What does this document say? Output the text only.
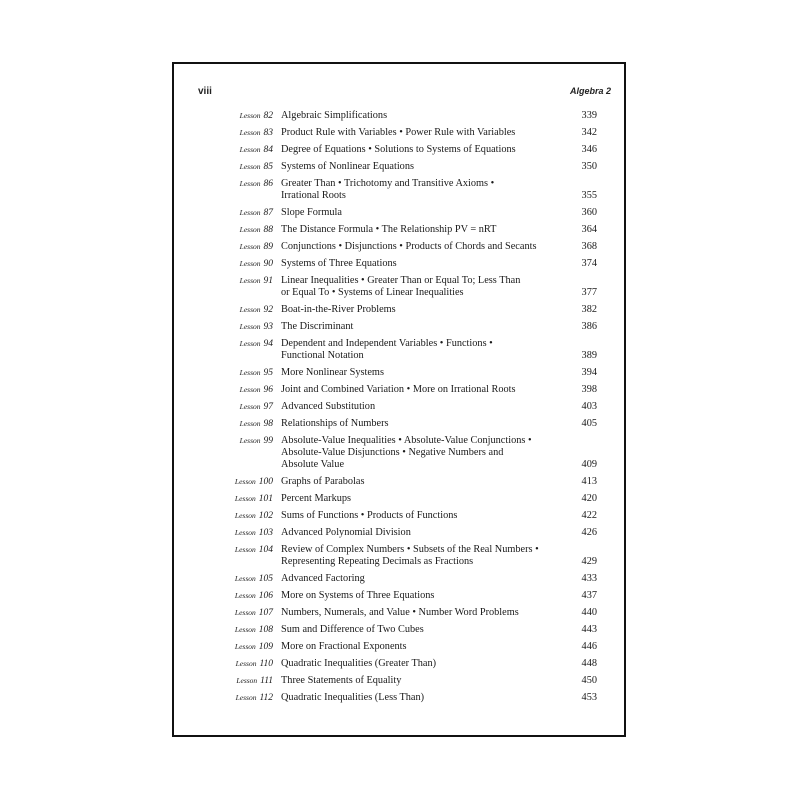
viii	Algebra 2
Lesson 82 Algebraic Simplifications	339
Lesson 83 Product Rule with Variables • Power Rule with Variables	342
Lesson 84 Degree of Equations • Solutions to Systems of Equations	346
Lesson 85 Systems of Nonlinear Equations	350
Lesson 86 Greater Than • Trichotomy and Transitive Axioms •
Irrational Roots	355
Lesson 87 Slope Formula	360
Lesson 88 The Distance Formula • The Relationship PV = nRT	364
Lesson 89 Conjunctions • Disjunctions • Products of Chords and Secants	368
Lesson 90 Systems of Three Equations	374
Lesson 91 Linear Inequalities • Greater Than or Equal To; Less Than
or Equal To • Systems of Linear Inequalities	377
Lesson 92 Boat-in-the-River Problems	382
Lesson 93 The Discriminant	386
Lesson 94 Dependent and Independent Variables • Functions •
Functional Notation	389
Lesson 95 More Nonlinear Systems	394
Lesson 96 Joint and Combined Variation • More on Irrational Roots	398
Lesson 97 Advanced Substitution	403
Lesson 98 Relationships of Numbers	405
Lesson 99 Absolute-Value Inequalities • Absolute-Value Conjunctions •
Absolute-Value Disjunctions • Negative Numbers and
Absolute Value	409
Lesson 100 Graphs of Parabolas	413
Lesson 101 Percent Markups	420
Lesson 102 Sums of Functions • Products of Functions	422
Lesson 103 Advanced Polynomial Division	426
Lesson 104 Review of Complex Numbers • Subsets of the Real Numbers •
Representing Repeating Decimals as Fractions	429
Lesson 105 Advanced Factoring	433
Lesson 106 More on Systems of Three Equations	437
Lesson 107 Numbers, Numerals, and Value • Number Word Problems	440
Lesson 108 Sum and Difference of Two Cubes	443
Lesson 109 More on Fractional Exponents	446
Lesson 110 Quadratic Inequalities (Greater Than)	448
Lesson 111 Three Statements of Equality	450
Lesson 112 Quadratic Inequalities (Less Than)	453
